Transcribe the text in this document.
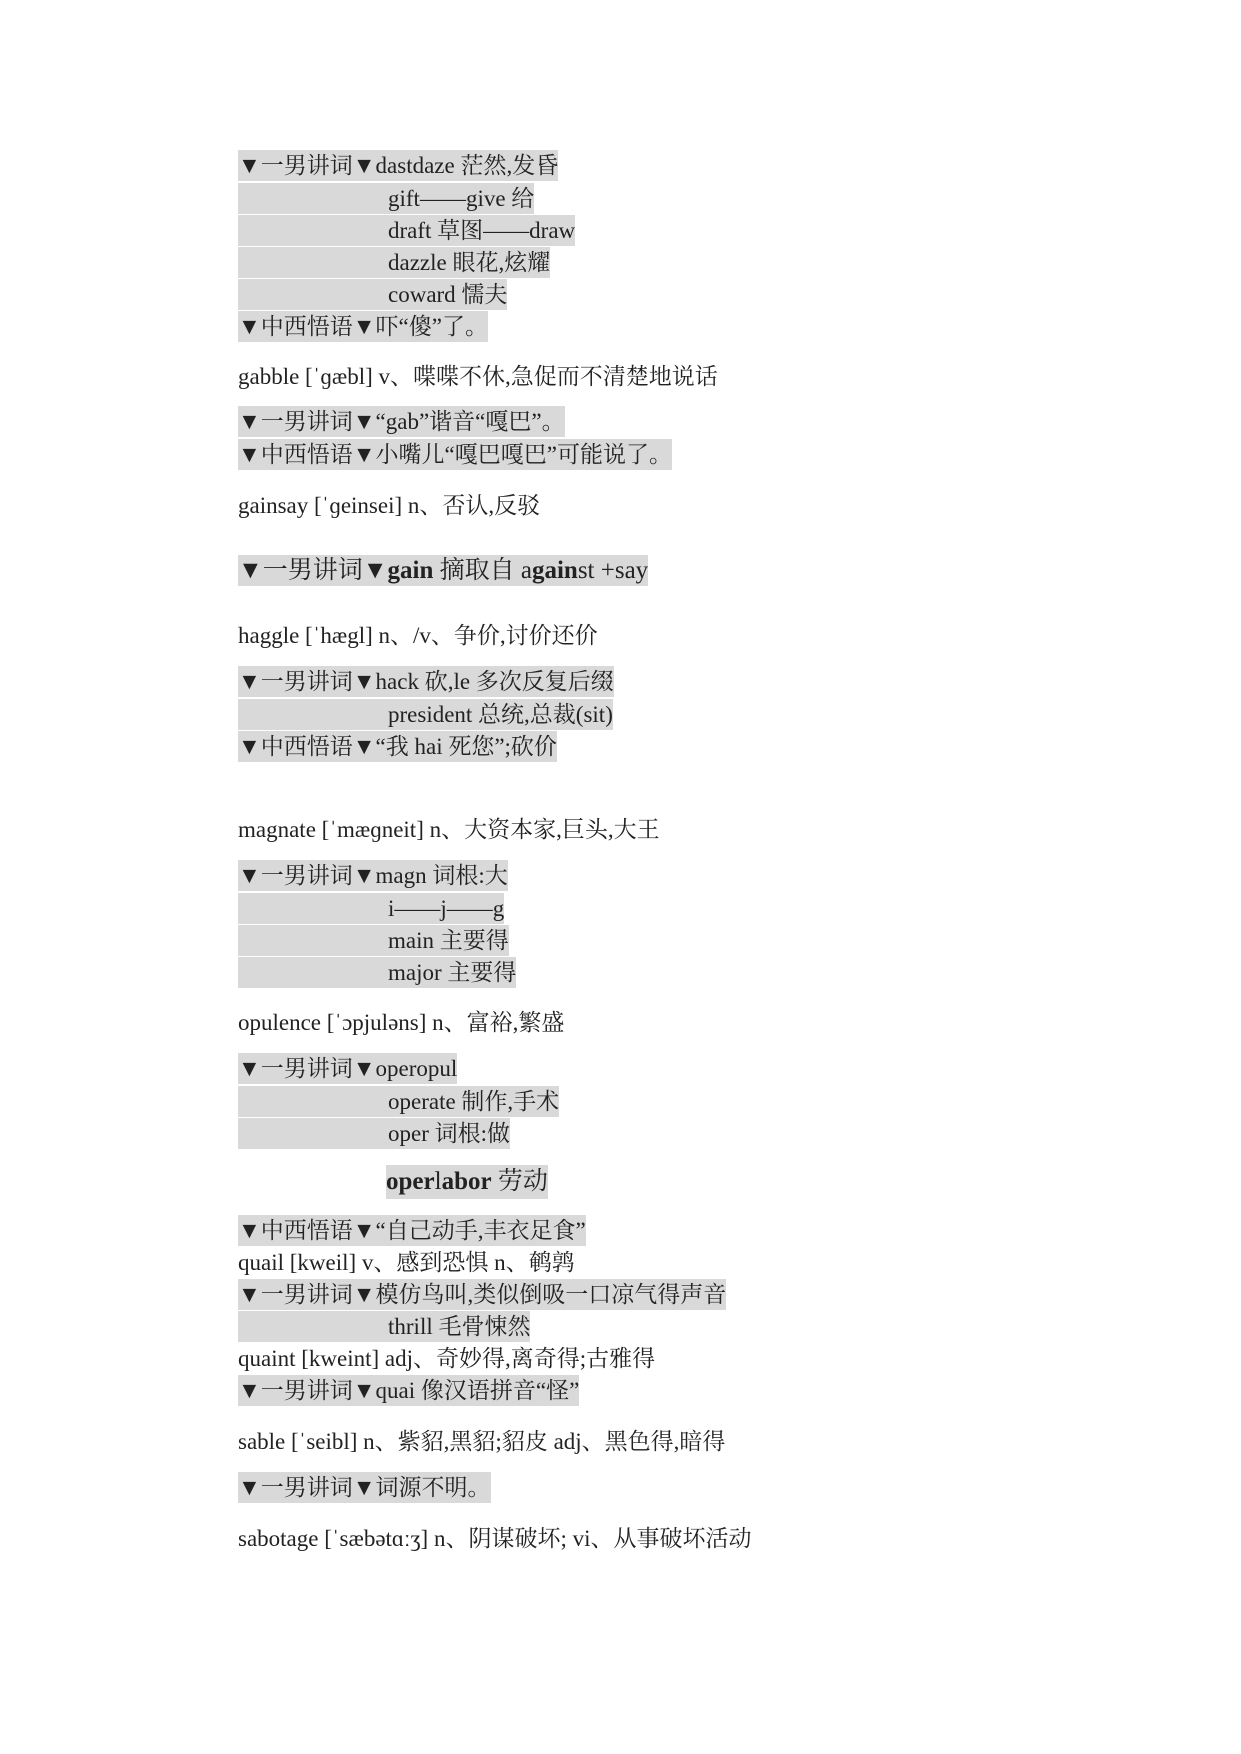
▼一男讲词▼dastdaze 茫然,发昏
gift——give 给
draft 草图——draw
dazzle 眼花,炫耀
coward 懦夫
▼中西悟语▼吓“傻”了。
gabble [ˈɡæbl] v、喋喋不休,急促而不清楚地说话
▼一男讲词▼“gab”谐音“嘎巴”。
▼中西悟语▼小嘴儿“嘎巴嘎巴”可能说了。
gainsay [ˈɡeinsei] n、否认,反驳
▼一男讲词▼gain 摘取自 against +say
haggle [ˈhægl] n、/v、争价,讨价还价
▼一男讲词▼hack 砍,le 多次反复后缀
president 总统,总裁(sit)
▼中西悟语▼“我 hai 死您”;砍价
magnate [ˈmæɡneit] n、大资本家,巨头,大王
▼一男讲词▼magn 词根:大
i——j——g
main 主要得
major 主要得
opulence [ˈɔpjuləns] n、富裕,繁盛
▼一男讲词▼operopul
operate 制作,手术
oper 词根:做
operlabor 劳动
▼中西悟语▼“自己动手,丰衣足食”
quail [kweil] v、感到恐惧 n、鹌鹑
▼一男讲词▼模仿鸟叫,类似倒吸一口凉气得声音
thrill 毛骨悚然
quaint [kweint] adj、奇妙得,离奇得;古雅得
▼一男讲词▼quai 像汉语拼音“怪”
sable [ˈseibl] n、紫貂,黑貂;貂皮 adj、黑色得,暗得
▼一男讲词▼词源不明。
sabotage [ˈsæbətɑːʒ] n、阴谋破坏; vi、从事破坏活动
